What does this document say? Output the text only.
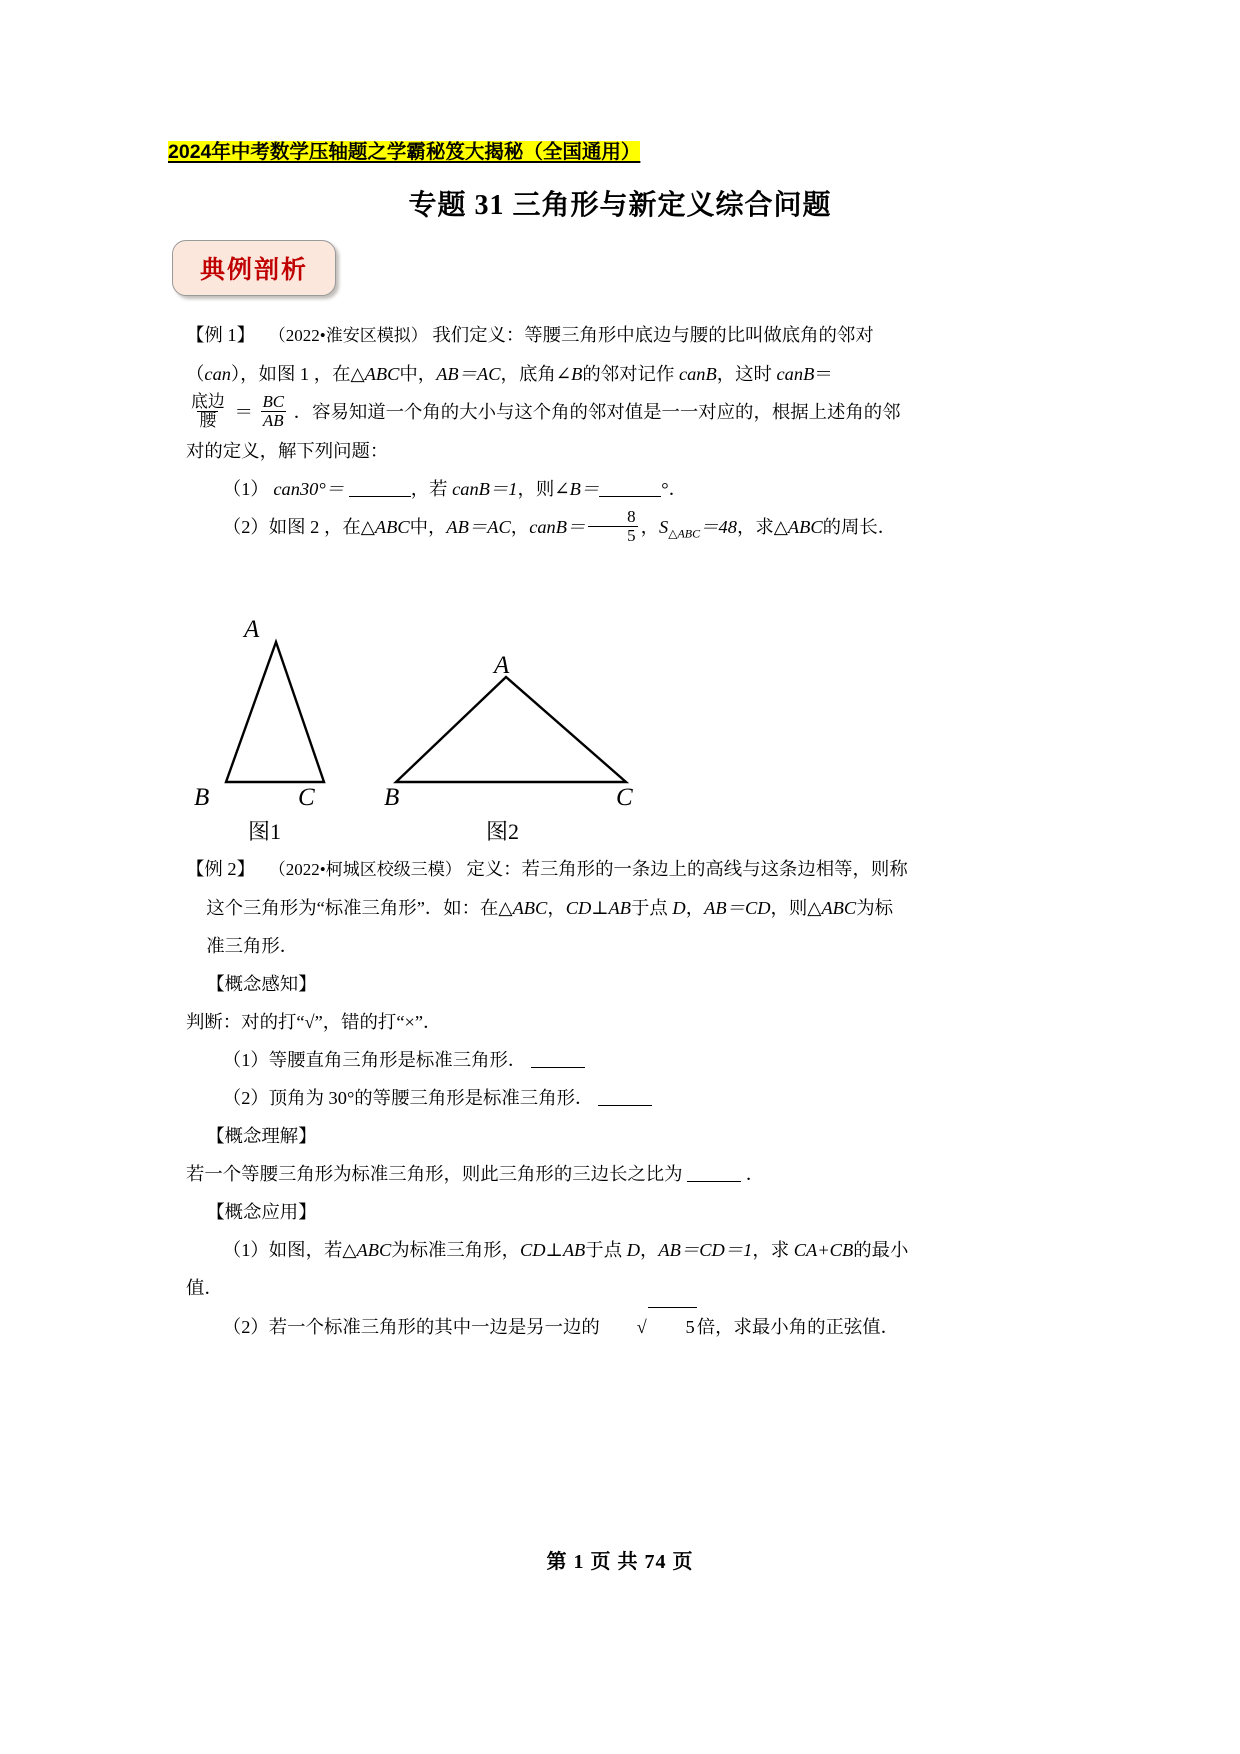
2024年中考数学压轴题之学霸秘笈大揭秘（全国通用）
专题 31 三角形与新定义综合问题
典例剖析

【例 1】 （2022•淮安区模拟） 我们定义：等腰三角形中底边与腰的比叫做底角的邻对

（can），如图 1 ，在△ABC中，AB＝AC，底角∠B的邻对记作 canB，这时 canB＝

$\frac{\text{底边}}{\text{腰}} = \frac{BC}{AB}$ ．容易知道一个角的大小与这个角的邻对值是一一对应的，根据上述角的邻

对的定义，解下列问题：

（1） can30°＝	，若 canB＝1，则∠B＝	°．

（2）如图 2 ，在△ABC中，AB＝AC，canB＝ $\frac{8}{5}$ ，$S_{\triangle ABC}=48$，求△ABC的周长．

A
B	C
图1
A
B	C
图2

【例 2】 （2022•柯城区校级三模） 定义：若三角形的一条边上的高线与这条边相等，则称

这个三角形为“标准三角形”．如：在△ABC，CD⊥AB于点 D，AB＝CD，则△ABC为标

准三角形．

【概念感知】

判断：对的打“√”，错的打“×”．

（1）等腰直角三角形是标准三角形．

（2）顶角为 30°的等腰三角形是标准三角形．

【概念理解】

若一个等腰三角形为标准三角形，则此三角形的三边长之比为	．

【概念应用】

（1）如图，若△ABC为标准三角形，CD⊥AB于点 D，AB＝CD＝1，求 CA+CB的最小

值．

（2）若一个标准三角形的其中一边是另一边的 √ 5 倍，求最小角的正弦值．

第 1 页 共 74 页
